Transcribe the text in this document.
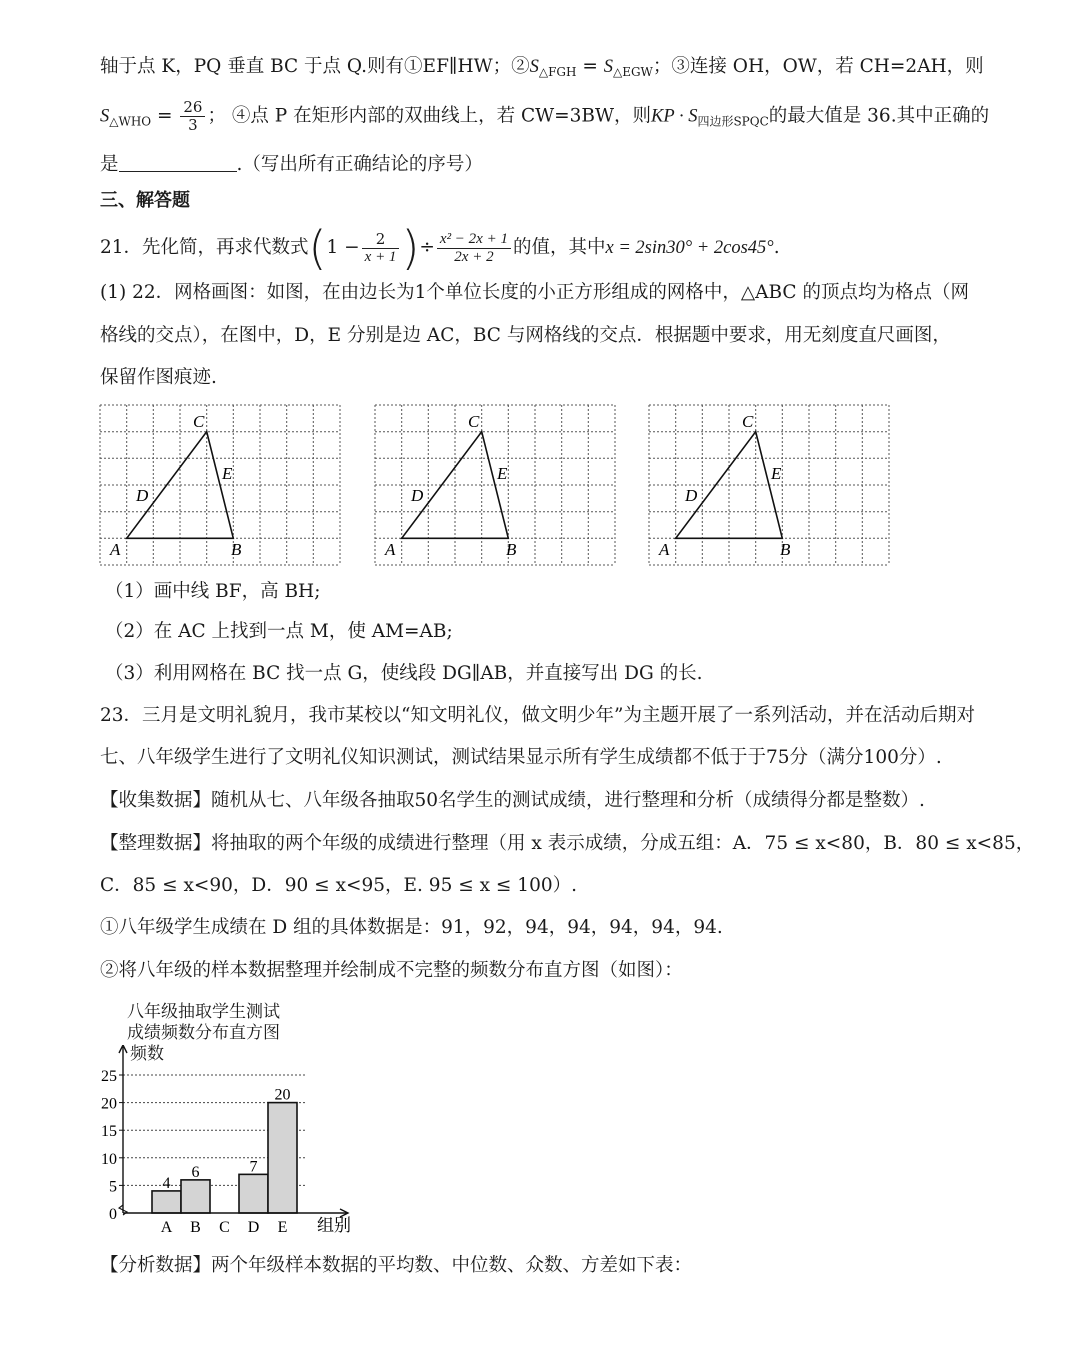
轴于点 K，PQ 垂直 BC 于点 Q.则有①EF∥HW；$②S_{\triangle FGH} = S_{\triangle EGW}$；③连接 OH，OW，若 CH=2AH，则
$S_{\triangle WHO} = \frac{26}{3}$ ； ④点 P 在矩形内部的双曲线上，若 CW=3BW，则KP · $S_{四边形SPQC}$的最大值是 36.其中正确的
是	.（写出所有正确结论的序号）
三、解答题
21．先化简，再求代数式($1 - \frac{2}{x + 1}$ )÷ $\frac{\text{x² − 2x + 1}}{2x + 2}$ 的值，其中x = 2sin30° + 2cos45°.
(1) 22．网格画图：如图，在由边长为1个单位长度的小正方形组成的网格中，△ABC 的顶点均为格点（网
格线的交点），在图中，D，E 分别是边 AC，BC 与网格线的交点．根据题中要求，用无刻度直尺画图，
保留作图痕迹.
A	B
C
D
E
A	B
C
D
E
A	B
C
D
E
（1）画中线 BF，高 BH;
（2）在 AC 上找到一点 M，使 AM=AB;
（3）利用网格在 BC 找一点 G，使线段 DG∥AB，并直接写出 DG 的长.
23．三月是文明礼貌月，我市某校以“知文明礼仪，做文明少年”为主题开展了一系列活动，并在活动后期对
七、八年级学生进行了文明礼仪知识测试，测试结果显示所有学生成绩都不低于于75分（满分100分）.
【收集数据】随机从七、八年级各抽取50名学生的测试成绩，进行整理和分析（成绩得分都是整数）.
【整理数据】将抽取的两个年级的成绩进行整理（用 x 表示成绩，分成五组：A．75 ≤ x<80，B．80 ≤ x<85，
C．85 ≤ x<90，D．90 ≤ x<95，E. 95 ≤ x ≤ 100）.
①八年级学生成绩在 D 组的具体数据是：91，92，94，94，94，94，94.
②将八年级的样本数据整理并绘制成不完整的频数分布直方图（如图）：
八年级抽取学生测试
成绩频数分布直方图
频数
4
6	7
20
0
5
10
15
20
25
A B C D E 组别
【分析数据】两个年级样本数据的平均数、中位数、众数、方差如下表：
